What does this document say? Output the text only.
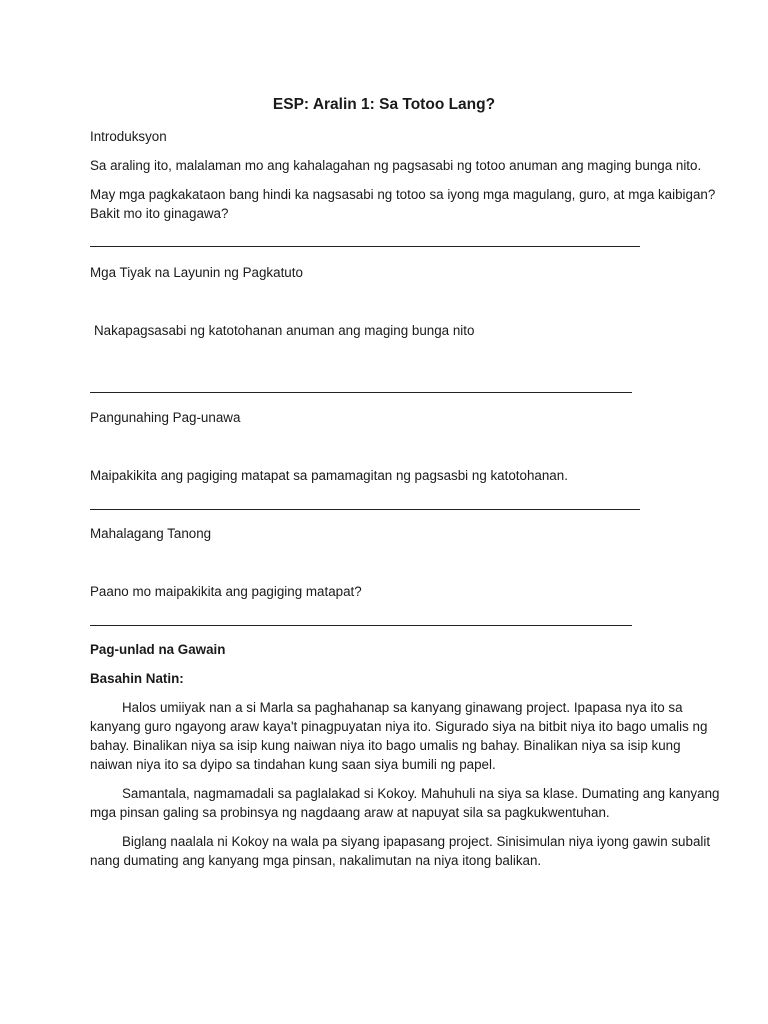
ESP: Aralin 1: Sa Totoo Lang?
Introduksyon
Sa araling ito, malalaman mo ang kahalagahan ng pagsasabi ng totoo anuman ang maging bunga nito.
May mga pagkakataon bang hindi ka nagsasabi ng totoo sa iyong mga magulang, guro, at mga kaibigan?
Bakit mo ito ginagawa?
Mga Tiyak na Layunin ng Pagkatuto
Nakapagsasabi ng katotohanan anuman ang maging bunga nito
Pangunahing Pag-unawa
Maipakikita ang pagiging matapat sa pamamagitan ng pagsasbi ng katotohanan.
Mahalagang Tanong
Paano mo maipakikita ang pagiging matapat?
Pag-unlad na Gawain
Basahin Natin:
Halos umiiyak nan a si Marla sa paghahanap sa kanyang ginawang project. Ipapasa nya ito sa
kanyang guro ngayong araw kaya't pinagpuyatan niya ito. Sigurado siya na bitbit niya ito bago umalis ng
bahay. Binalikan niya sa isip kung naiwan niya ito bago umalis ng bahay. Binalikan niya sa isip kung
naiwan niya ito sa dyipo sa tindahan kung saan siya bumili ng papel.
Samantala, nagmamadali sa paglalakad si Kokoy. Mahuhuli na siya sa klase. Dumating ang kanyang
mga pinsan galing sa probinsya ng nagdaang araw at napuyat sila sa pagkukwentuhan.
Biglang naalala ni Kokoy na wala pa siyang ipapasang project. Sinisimulan niya iyong gawin subalit
nang dumating ang kanyang mga pinsan, nakalimutan na niya itong balikan.
